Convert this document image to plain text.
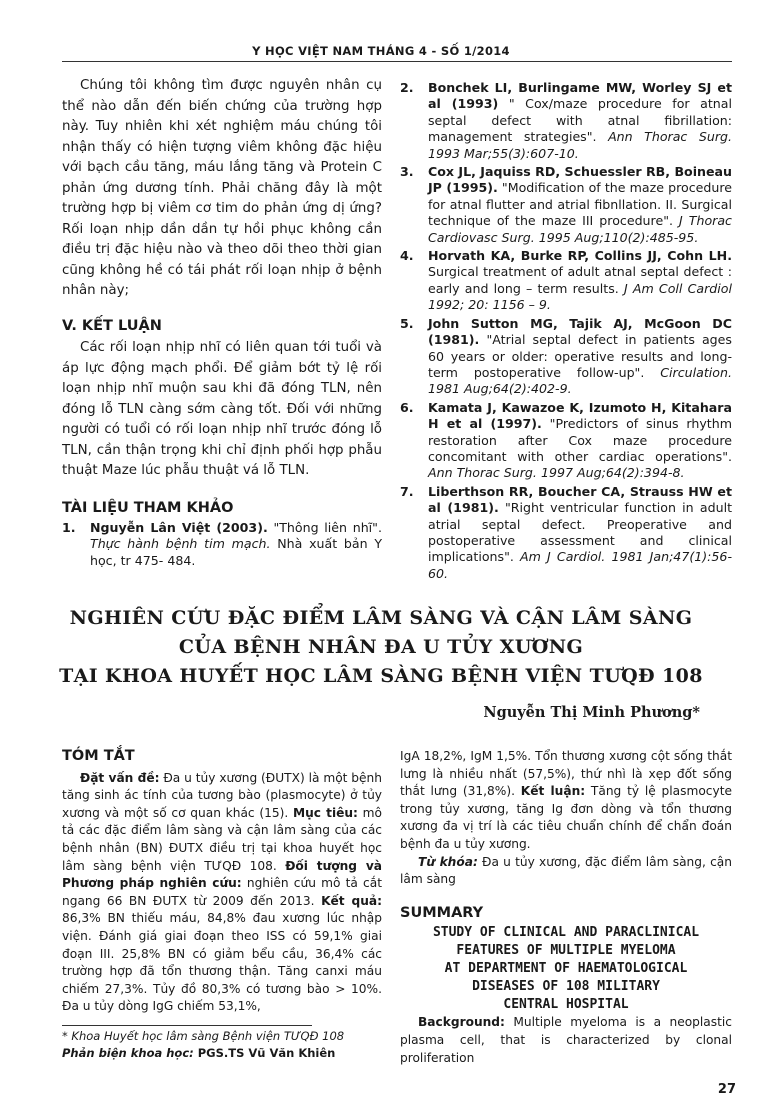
Y HỌC VIỆT NAM THÁNG 4 - SỐ 1/2014

Chúng tôi không tìm được nguyên nhân cụ thể nào dẫn đến biến chứng của trường hợp này. Tuy nhiên khi xét nghiệm máu chúng tôi nhận thấy có hiện tượng viêm không đặc hiệu với bạch cầu tăng, máu lắng tăng và Protein C phản ứng dương tính. Phải chăng đây là một trường hợp bị viêm cơ tim do phản ứng dị ứng? Rối loạn nhịp dần dần tự hồi phục không cần điều trị đặc hiệu nào và theo dõi theo thời gian cũng không hề có tái phát rối loạn nhịp ở bệnh nhân này;

V. KẾT LUẬN

Các rối loạn nhịp nhĩ có liên quan tới tuổi và áp lực động mạch phổi. Để giảm bớt tỷ lệ rối loạn nhịp nhĩ muộn sau khi đã đóng TLN, nên đóng lỗ TLN càng sớm càng tốt. Đối với những người có tuổi có rối loạn nhịp nhĩ trước đóng lỗ TLN, cần thận trọng khi chỉ định phối hợp phẫu thuật Maze lúc phẫu thuật vá lỗ TLN.

TÀI LIỆU THAM KHẢO
1. Nguyễn Lân Việt (2003). "Thông liên nhĩ". Thực hành bệnh tim mạch. Nhà xuất bản Y học, tr 475- 484.
2. Bonchek LI, Burlingame MW, Worley SJ et al (1993) " Cox/maze procedure for atnal septal defect with atnal fibrillation: management strategies". Ann Thorac Surg. 1993 Mar;55(3):607-10.
3. Cox JL, Jaquiss RD, Schuessler RB, Boineau JP (1995). "Modification of the maze procedure for atnal flutter and atrial fibnllation. II. Surgical technique of the maze III procedure". J Thorac Cardiovasc Surg. 1995 Aug;110(2):485-95.
4. Horvath KA, Burke RP, Collins JJ, Cohn LH. Surgical treatment of adult atnal septal defect : early and long – term results. J Am Coll Cardiol 1992; 20: 1156 – 9.
5. John Sutton MG, Tajik AJ, McGoon DC (1981). "Atrial septal defect in patients ages 60 years or older: operative results and long-term postoperative follow-up". Circulation. 1981 Aug;64(2):402-9.
6. Kamata J, Kawazoe K, Izumoto H, Kitahara H et al (1997). "Predictors of sinus rhythm restoration after Cox maze procedure concomitant with other cardiac operations". Ann Thorac Surg. 1997 Aug;64(2):394-8.
7. Liberthson RR, Boucher CA, Strauss HW et al (1981). "Right ventricular function in adult atrial septal defect. Preoperative and postoperative assessment and clinical implications". Am J Cardiol. 1981 Jan;47(1):56-60.
NGHIÊN CỨU ĐẶC ĐIỂM LÂM SÀNG VÀ CẬN LÂM SÀNG
CỦA BỆNH NHÂN ĐA U TỦY XƯƠNG
TẠI KHOA HUYẾT HỌC LÂM SÀNG BỆNH VIỆN TƯQĐ 108
Nguyễn Thị Minh Phương*
TÓM TẮT

Đặt vấn đề: Đa u tủy xương (ĐUTX) là một bệnh tăng sinh ác tính của tương bào (plasmocyte) ở tủy xương và một số cơ quan khác (15). Mục tiêu: mô tả các đặc điểm lâm sàng và cận lâm sàng của các bệnh nhân (BN) ĐUTX điều trị tại khoa huyết học lâm sàng bệnh viện TƯQĐ 108. Đối tượng và Phương pháp nghiên cứu: nghiên cứu mô tả cắt ngang 66 BN ĐUTX từ 2009 đến 2013. Kết quả: 86,3% BN thiếu máu, 84,8% đau xương lúc nhập viện. Đánh giá giai đoạn theo ISS có 59,1% giai đoạn III. 25,8% BN có giảm bểu cầu, 36,4% các trường hợp đã tổn thương thận. Tăng canxi máu chiếm 27,3%. Tủy đồ 80,3% có tương bào > 10%. Đa u tủy dòng IgG chiếm 53,1%,

IgA 18,2%, IgM 1,5%. Tổn thương xương cột sống thắt lưng là nhiều nhất (57,5%), thứ nhì là xẹp đốt sống thắt lưng (31,8%). Kết luận: Tăng tỷ lệ plasmocyte trong tủy xương, tăng Ig đơn dòng và tổn thương xương đa vị trí là các tiêu chuẩn chính để chẩn đoán bệnh đa u tủy xương.

Từ khóa: Đa u tủy xương, đặc điểm lâm sàng, cận lâm sàng

SUMMARY
STUDY OF CLINICAL AND PARACLINICAL
FEATURES OF MULTIPLE MYELOMA
AT DEPARTMENT OF HAEMATOLOGICAL
DISEASES OF 108 MILITARY
CENTRAL HOSPITAL

Background: Multiple myeloma is a neoplastic plasma cell, that is characterized by clonal proliferation

* Khoa Huyết học lâm sàng Bệnh viện TƯQĐ 108
Phản biện khoa học: PGS.TS Vũ Văn Khiên
27
